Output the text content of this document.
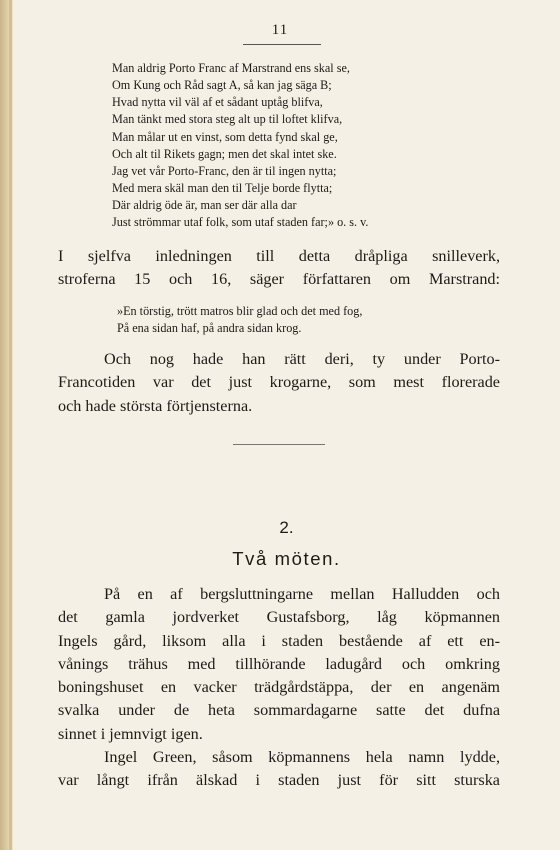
11
Man aldrig Porto Franc af Marstrand ens skal se,
Om Kung och Råd sagt A, så kan jag säga B;
Hvad nytta vil väl af et sådant uptåg blifva,
Man tänkt med stora steg alt up til loftet klifva,
Man målar ut en vinst, som detta fynd skal ge,
Och alt til Rikets gagn; men det skal intet ske.
Jag vet vår Porto-Franc, den är til ingen nytta;
Med mera skäl man den til Telje borde flytta;
Där aldrig öde är, man ser där alla dar
Just strömmar utaf folk, som utaf staden far;» o. s. v.
I sjelfva inledningen till detta dråpliga snilleverk,
stroferna 15 och 16, säger författaren om Marstrand:
»En törstig, trött matros blir glad och det med fog,
På ena sidan haf, på andra sidan krog.
Och nog hade han rätt deri, ty under Porto-
Francotiden var det just krogarne, som mest florerade
och hade största förtjensterna.
2.
Två möten.
På en af bergsluttningarne mellan Halludden och
det gamla jordverket Gustafsborg, låg köpmannen
Ingels gård, liksom alla i staden bestående af ett en-
vånings trähus med tillhörande ladugård och omkring
boningshuset en vacker trädgårdstäppa, der en angenäm
svalka under de heta sommardagarne satte det dufna
sinnet i jemnvigt igen.
Ingel Green, såsom köpmannens hela namn lydde,
var långt ifrån älskad i staden just för sitt sturska
